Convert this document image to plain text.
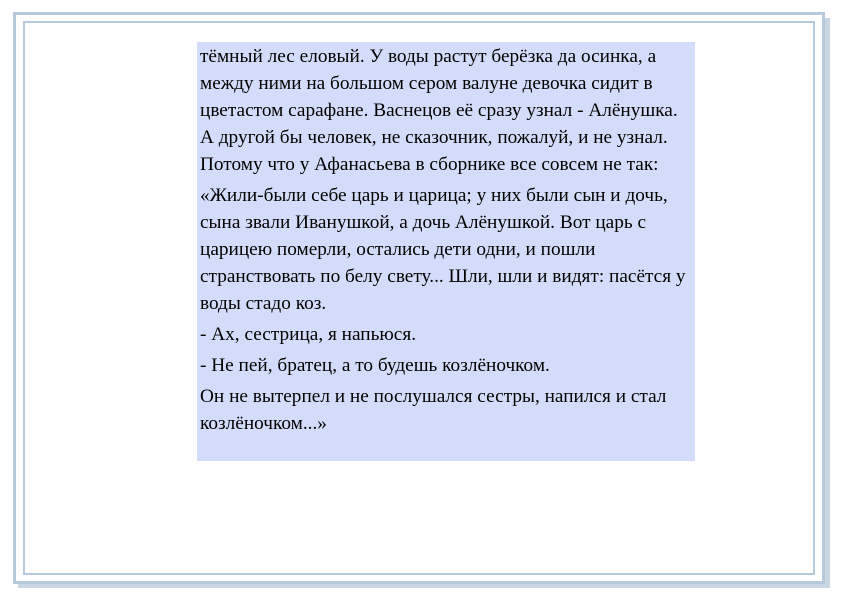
тёмный лес еловый. У воды растут берёзка да осинка, а между ними на большом сером валуне девочка сидит в цветастом сарафане. Васнецов её сразу узнал - Алёнушка. А другой бы человек, не сказочник, пожалуй, и не узнал. Потому что у Афанасьева в сборнике все совсем не так:

«Жили-были себе царь и царица; у них были сын и дочь, сына звали Иванушкой, а дочь Алёнушкой. Вот царь с царицею померли, остались дети одни, и пошли странствовать по белу свету... Шли, шли и видят: пасётся у воды стадо коз.

- Ах, сестрица, я напьюся.

- Не пей, братец, а то будешь козлёночком.

Он не вытерпел и не послушался сестры, напился и стал козлёночком...»
